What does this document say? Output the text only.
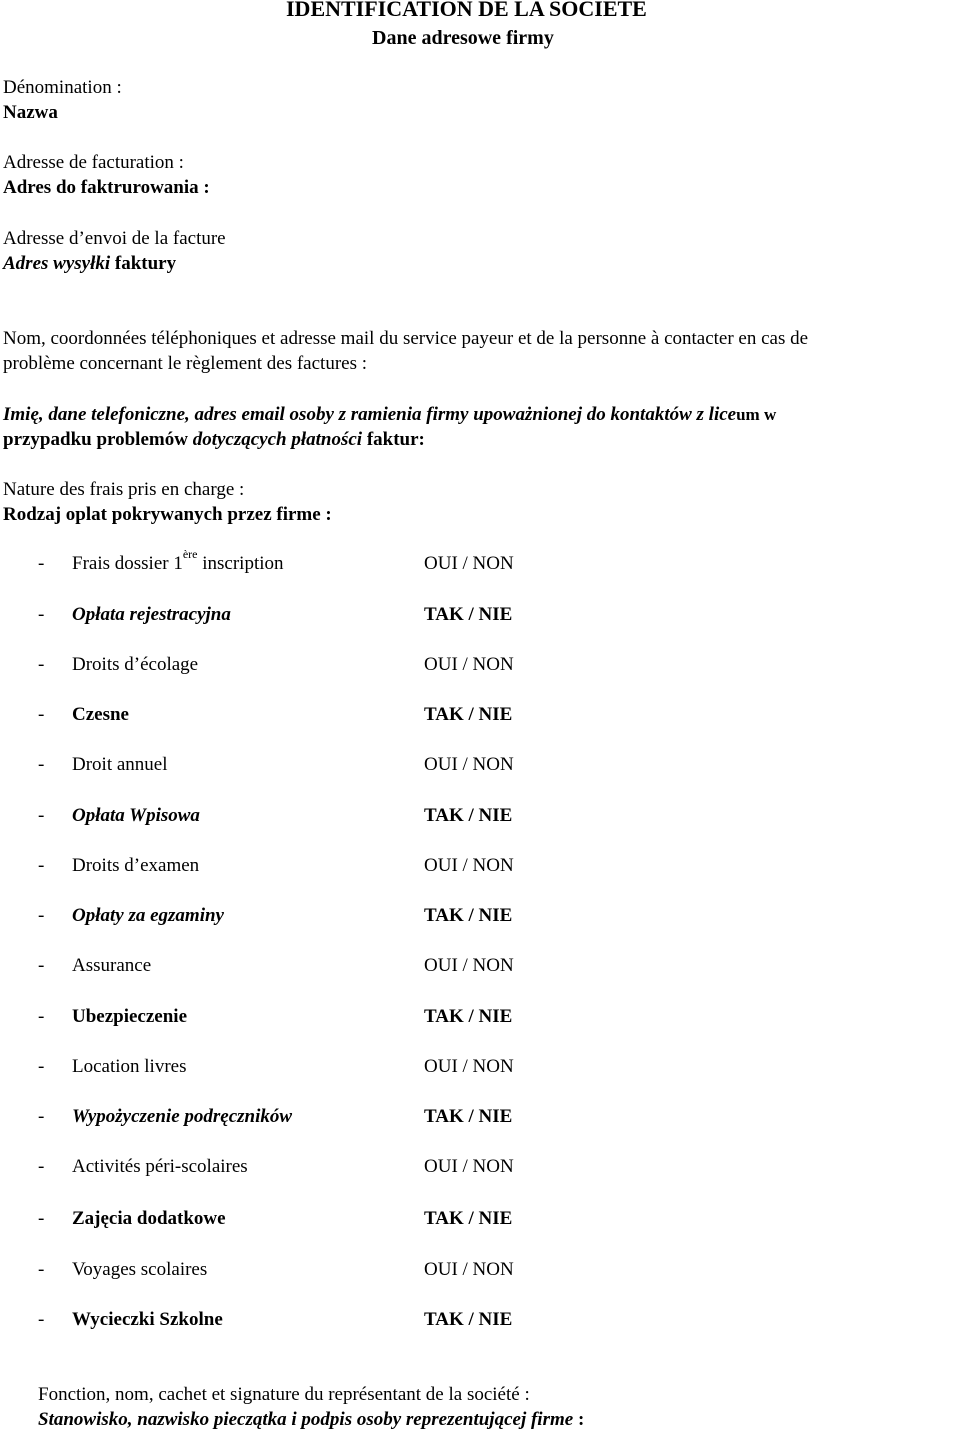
IDENTIFICATION DE LA SOCIETE
Dane adresowe firmy
Dénomination :
Nazwa
Adresse de facturation :
Adres do faktrurowania :
Adresse d’envoi de la facture
Adres wysyłki faktury
Nom, coordonnées téléphoniques et adresse mail du service payeur et de la personne à contacter en cas de
problème concernant le règlement des factures :
Imię, dane telefoniczne, adres email osoby z ramienia firmy upoważnionej do kontaktów z liceum w
przypadku problemów dotyczących płatności faktur:
Nature des frais pris en charge :
Rodzaj oplat pokrywanych przez firme :
- Frais dossier 1ère inscription	OUI / NON
- Opłata rejestracyjna	TAK / NIE
- Droits d’écolage	OUI / NON
- Czesne	TAK / NIE
- Droit annuel	OUI / NON
- Opłata Wpisowa	TAK / NIE
- Droits d’examen	OUI / NON
- Opłaty za egzaminy	TAK / NIE
- Assurance	OUI / NON
- Ubezpieczenie	TAK / NIE
- Location livres	OUI / NON
- Wypożyczenie podręczników	TAK / NIE
- Activités péri-scolaires	OUI / NON
- Zajęcia dodatkowe	TAK / NIE
- Voyages scolaires	OUI / NON
- Wycieczki Szkolne	TAK / NIE
Fonction, nom, cachet et signature du représentant de la société :
Stanowisko, nazwisko pieczątka i podpis osoby reprezentującej firme :
